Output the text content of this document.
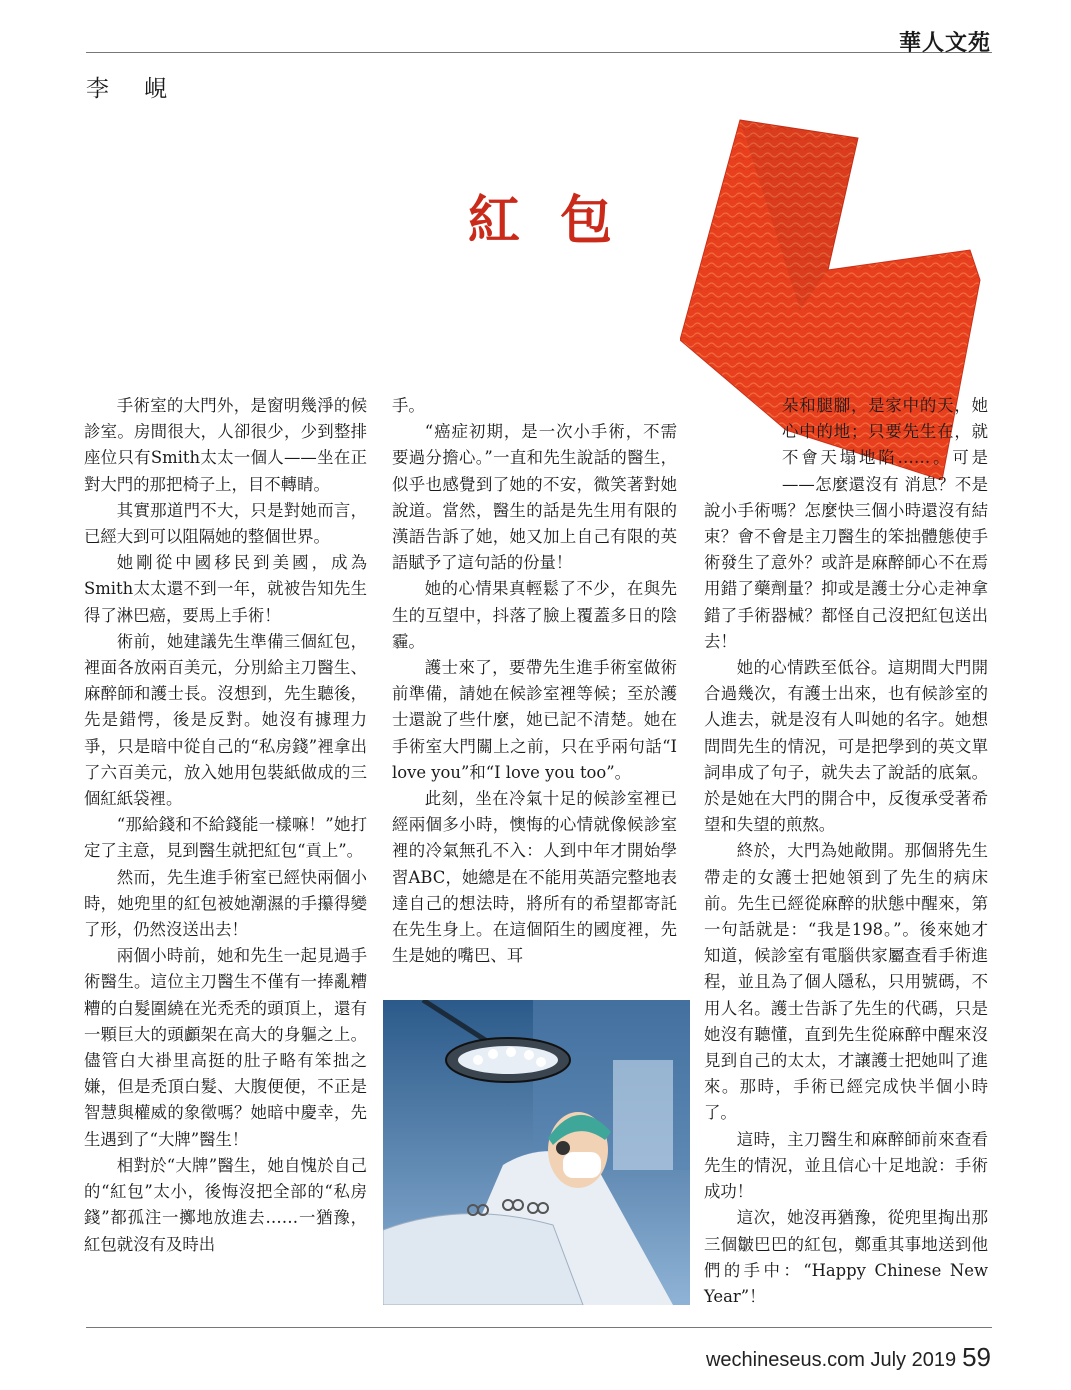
華人文苑
李 峴
紅包

手術室的大門外，是窗明幾淨的候診室。房間很大，人卻很少，少到整排座位只有Smith太太一個人——坐在正對大門的那把椅子上，目不轉睛。

其實那道門不大，只是對她而言，已經大到可以阻隔她的整個世界。

她剛從中國移民到美國，成為Smith太太還不到一年，就被告知先生得了淋巴癌，要馬上手術！

術前，她建議先生準備三個紅包，裡面各放兩百美元，分別給主刀醫生、麻醉師和護士長。沒想到，先生聽後，先是錯愕，後是反對。她沒有據理力爭，只是暗中從自己的“私房錢”裡拿出了六百美元，放入她用包裝紙做成的三個紅紙袋裡。

“那給錢和不給錢能一樣嘛！”她打定了主意，見到醫生就把紅包“貢上”。

然而，先生進手術室已經快兩個小時，她兜里的紅包被她潮濕的手攥得變了形，仍然沒送出去！

兩個小時前，她和先生一起見過手術醫生。這位主刀醫生不僅有一捧亂糟糟的白髮圍繞在光禿禿的頭頂上，還有一顆巨大的頭顱架在高大的身軀之上。儘管白大褂里高挺的肚子略有笨拙之嫌，但是禿頂白髮、大腹便便，不正是智慧與權威的象徵嗎？她暗中慶幸，先生遇到了“大牌”醫生！

相對於“大牌”醫生，她自愧於自己的“紅包”太小，後悔沒把全部的“私房錢”都孤注一擲地放進去……一猶豫，紅包就沒有及時出

手。

“癌症初期，是一次小手術，不需要過分擔心。”一直和先生說話的醫生，似乎也感覺到了她的不安，微笑著對她說道。當然，醫生的話是先生用有限的漢語告訴了她，她又加上自己有限的英語賦予了這句話的份量！

她的心情果真輕鬆了不少，在與先生的互望中，抖落了臉上覆蓋多日的陰霾。

護士來了，要帶先生進手術室做術前準備，請她在候診室裡等候；至於護士還說了些什麼，她已記不清楚。她在手術室大門關上之前，只在乎兩句話“I love you”和“I love you too”。

此刻，坐在冷氣十足的候診室裡已經兩個多小時，懊悔的心情就像候診室裡的冷氣無孔不入：人到中年才開始學習ABC，她總是在不能用英語完整地表達自己的想法時，將所有的希望都寄託在先生身上。在這個陌生的國度裡，先生是她的嘴巴、耳

朵和腿腳，是家中的天，她心中的地；只要先生在，就不會天塌地陷……。可是——怎麼還沒有 消息？不是說小手術嗎？怎麼快三個小時還沒有結束？會不會是主刀醫生的笨拙體態使手術發生了意外？或許是麻醉師心不在焉用錯了藥劑量？抑或是護士分心走神拿錯了手術器械？都怪自己沒把紅包送出去！

她的心情跌至低谷。這期間大門開合過幾次，有護士出來，也有候診室的人進去，就是沒有人叫她的名字。她想問問先生的情況，可是把學到的英文單詞串成了句子，就失去了說話的底氣。於是她在大門的開合中，反復承受著希望和失望的煎熬。

終於，大門為她敞開。那個將先生帶走的女護士把她領到了先生的病床前。先生已經從麻醉的狀態中醒來，第一句話就是：“我是198。”。後來她才知道，候診室有電腦供家屬查看手術進程，並且為了個人隱私，只用號碼，不用人名。護士告訴了先生的代碼，只是她沒有聽懂，直到先生從麻醉中醒來沒見到自己的太太，才讓護士把她叫了進來。那時，手術已經完成快半個小時了。

這時，主刀醫生和麻醉師前來查看先生的情況，並且信心十足地說：手術成功！

這次，她沒再猶豫，從兜里掏出那三個皺巴巴的紅包，鄭重其事地送到他們的手中：“Happy Chinese New Year”！

wechineseus.com July 2019 59
